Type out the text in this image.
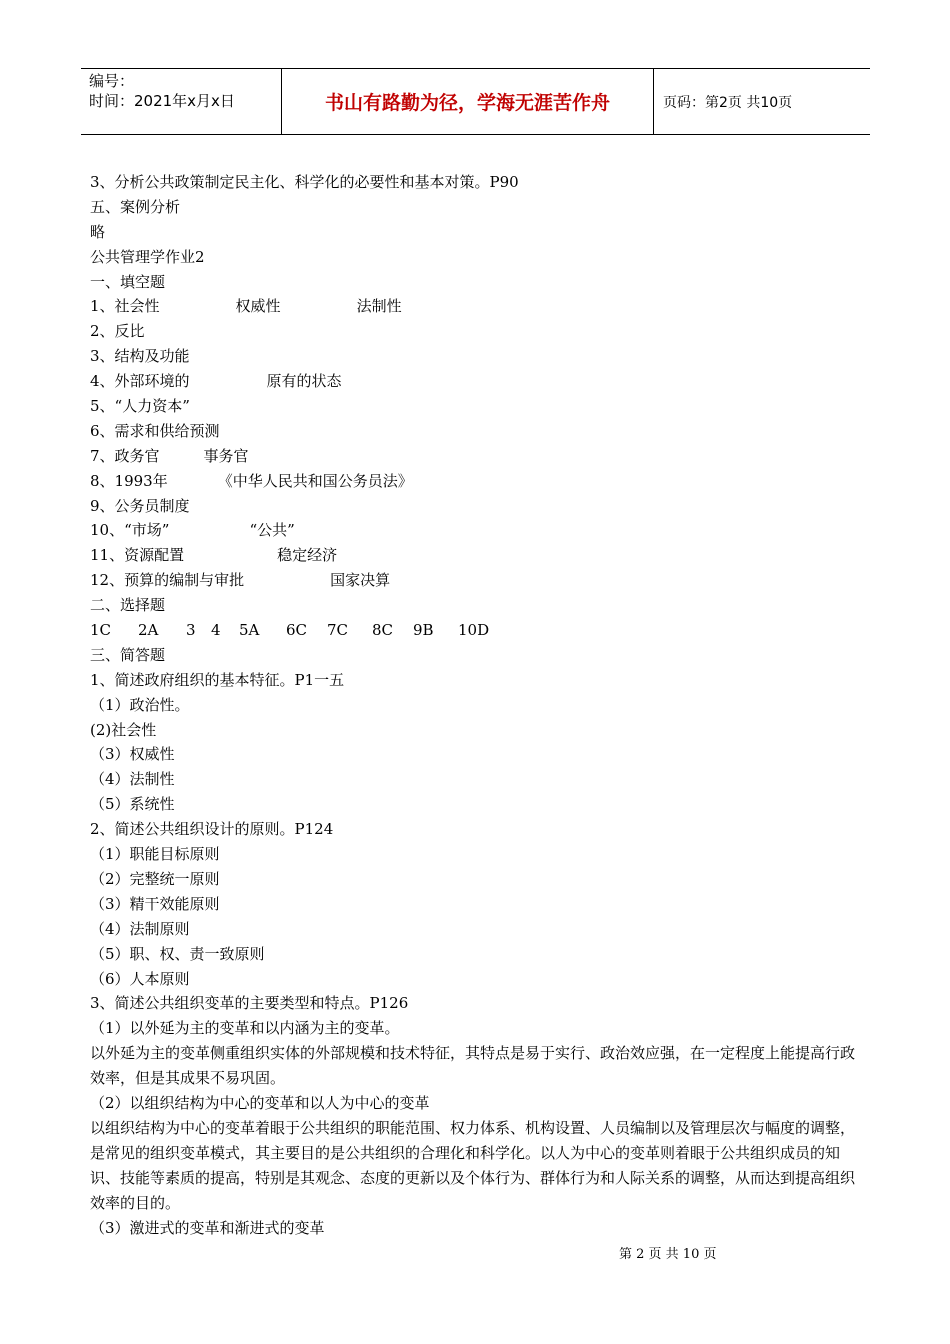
编号：
时间：2021年x月x日	书山有路勤为径，学海无涯苦作舟	页码：第2页 共10页
3、分析公共政策制定民主化、科学化的必要性和基本对策。P90
五、案例分析
略
公共管理学作业2
一、填空题
1、社会性	权威性	法制性
2、反比
3、结构及功能
4、外部环境的	原有的状态
5、“人力资本”
6、需求和供给预测
7、政务官	事务官
8、1993年	《中华人民共和国公务员法》
9、公务员制度
10、“市场”	“公共”
11、资源配置	稳定经济
12、预算的编制与审批	国家决算
二、选择题
1C 2A 3 4 5A 6C 7C 8C 9B 10D
三、简答题
1、简述政府组织的基本特征。P1一五
（1）政治性。
(2)社会性
（3）权威性
（4）法制性
（5）系统性
2、简述公共组织设计的原则。P124
（1）职能目标原则
（2）完整统一原则
（3）精干效能原则
（4）法制原则
（5）职、权、责一致原则
（6）人本原则
3、简述公共组织变革的主要类型和特点。P126
（1）以外延为主的变革和以内涵为主的变革。
以外延为主的变革侧重组织实体的外部规模和技术特征，其特点是易于实行、政治效应强，在一定程度上能提高行政效率，但是其成果不易巩固。
（2）以组织结构为中心的变革和以人为中心的变革
以组织结构为中心的变革着眼于公共组织的职能范围、权力体系、机构设置、人员编制以及管理层次与幅度的调整，是常见的组织变革模式，其主要目的是公共组织的合理化和科学化。以人为中心的变革则着眼于公共组织成员的知识、技能等素质的提高，特别是其观念、态度的更新以及个体行为、群体行为和人际关系的调整，从而达到提高组织效率的目的。
（3）激进式的变革和渐进式的变革
第 2 页 共 10 页
